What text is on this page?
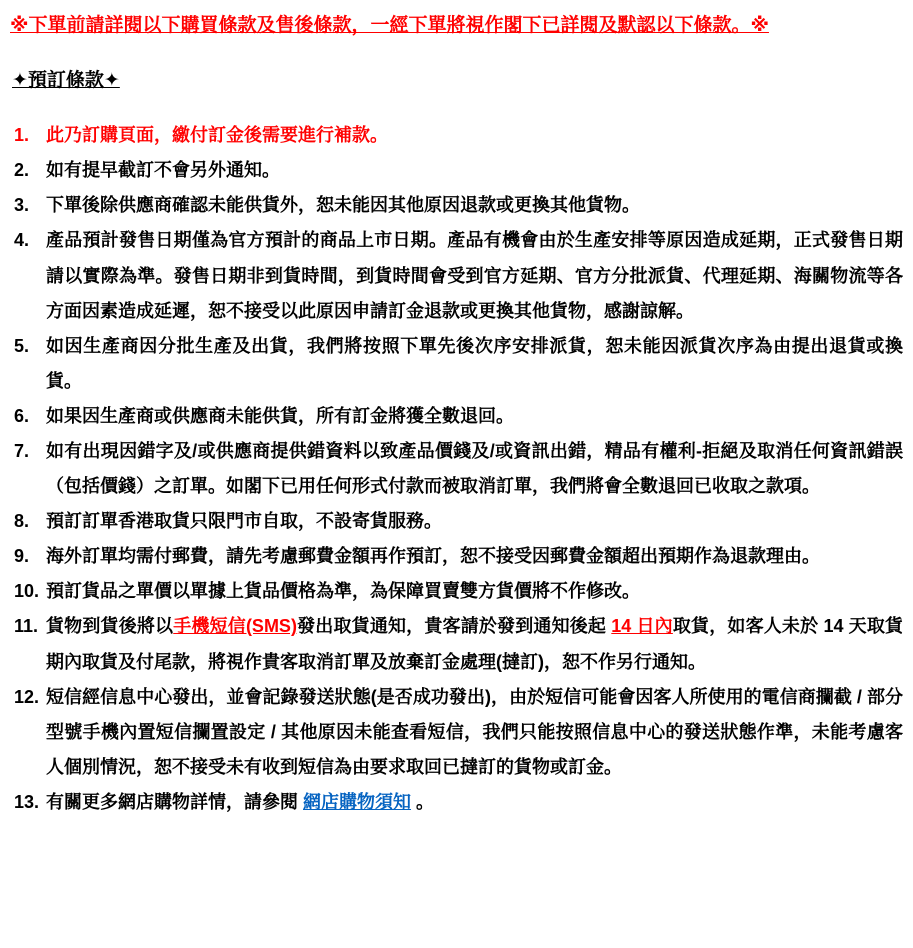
※下單前請詳閱以下購買條款及售後條款，一經下單將視作閣下已詳閱及默認以下條款。※
✦預訂條款✦
1. 此乃訂購頁面，繳付訂金後需要進行補款。
2. 如有提早截訂不會另外通知。
3. 下單後除供應商確認未能供貨外，恕未能因其他原因退款或更換其他貨物。
4. 產品預計發售日期僅為官方預計的商品上市日期。產品有機會由於生產安排等原因造成延期，正式發售日期請以實際為準。發售日期非到貨時間，到貨時間會受到官方延期、官方分批派貨、代理延期、海關物流等各方面因素造成延遲，恕不接受以此原因申請訂金退款或更換其他貨物，感謝諒解。
5. 如因生產商因分批生產及出貨，我們將按照下單先後次序安排派貨，恕未能因派貨次序為由提出退貨或換貨。
6. 如果因生產商或供應商未能供貨，所有訂金將獲全數退回。
7. 如有出現因錯字及/或供應商提供錯資料以致產品價錢及/或資訊出錯，精品有權利-拒絕及取消任何資訊錯誤（包括價錢）之訂單。如閣下已用任何形式付款而被取消訂單，我們將會全數退回已收取之款項。
8. 預訂訂單香港取貨只限門市自取，不設寄貨服務。
9. 海外訂單均需付郵費，請先考慮郵費金額再作預訂，恕不接受因郵費金額超出預期作為退款理由。
10. 預訂貨品之單價以單據上貨品價格為準，為保障買賣雙方貨價將不作修改。
11. 貨物到貨後將以手機短信(SMS)發出取貨通知，貴客請於發到通知後起 14 日內取貨，如客人未於 14 天取貨期內取貨及付尾款，將視作貴客取消訂單及放棄訂金處理(撻訂)，恕不作另行通知。
12. 短信經信息中心發出，並會記錄發送狀態(是否成功發出)，由於短信可能會因客人所使用的電信商攔截 / 部分型號手機內置短信攔置設定 / 其他原因未能查看短信，我們只能按照信息中心的發送狀態作準，未能考慮客人個別情況，恕不接受未有收到短信為由要求取回已撻訂的貨物或訂金。
13. 有關更多網店購物詳情，請參閱 網店購物須知 。
